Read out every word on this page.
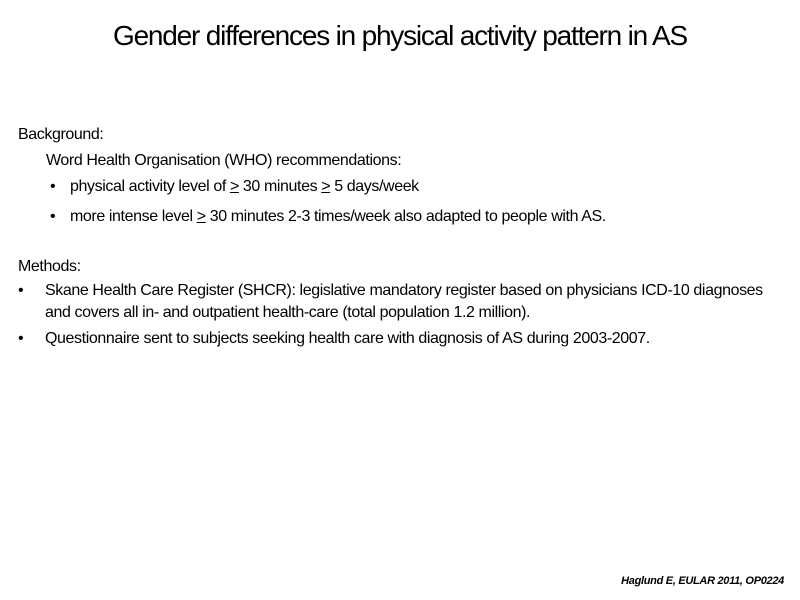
Gender differences in physical activity pattern in AS
Background:
Word Health Organisation (WHO) recommendations:
• physical activity level of ≥ 30 minutes ≥ 5 days/week
• more intense level ≥ 30 minutes 2-3 times/week also adapted to people with AS.
Methods:
• Skane Health Care Register (SHCR): legislative mandatory register based on physicians ICD-10 diagnoses and covers all in- and outpatient health-care (total population 1.2 million).
• Questionnaire sent to subjects seeking health care with diagnosis of AS during 2003-2007.
Haglund E, EULAR 2011, OP0224
